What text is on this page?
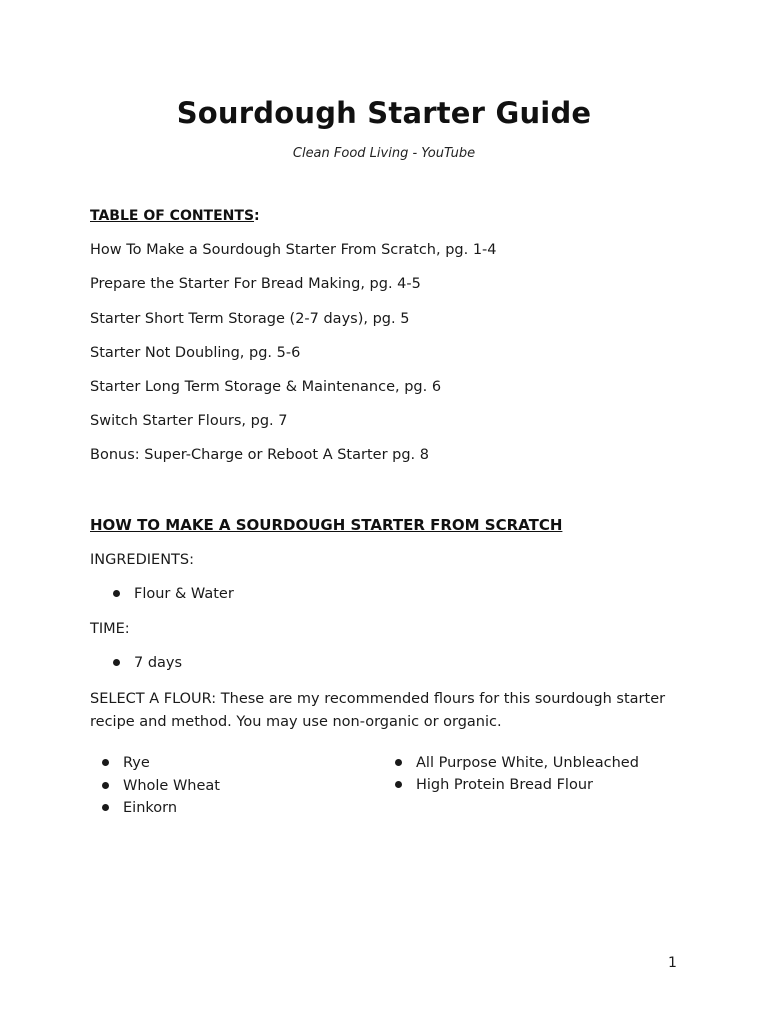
Sourdough Starter Guide
Clean Food Living - YouTube
TABLE OF CONTENTS:
How To Make a Sourdough Starter From Scratch, pg. 1-4
Prepare the Starter For Bread Making, pg. 4-5
Starter Short Term Storage (2-7 days), pg. 5
Starter Not Doubling, pg. 5-6
Starter Long Term Storage & Maintenance, pg. 6
Switch Starter Flours, pg. 7
Bonus: Super-Charge or Reboot A Starter pg. 8
HOW TO MAKE A SOURDOUGH STARTER FROM SCRATCH
INGREDIENTS:
Flour & Water
TIME:
7 days
SELECT A FLOUR: These are my recommended flours for this sourdough starter recipe and method. You may use non-organic or organic.
Rye
Whole Wheat
Einkorn
All Purpose White, Unbleached
High Protein Bread Flour
1
